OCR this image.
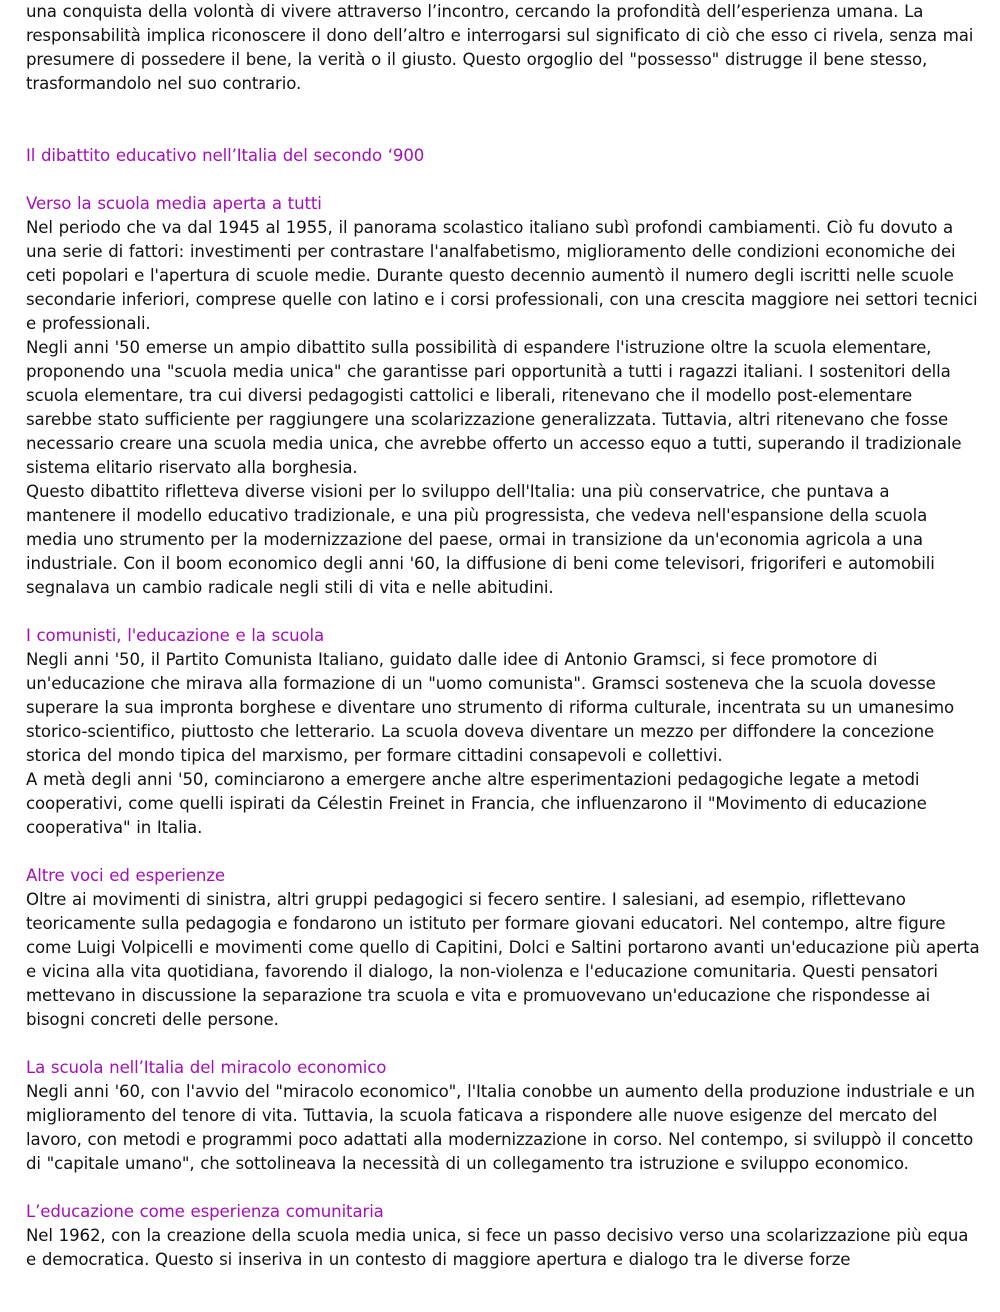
una conquista della volontà di vivere attraverso l’incontro, cercando la profondità dell’esperienza umana. La responsabilità implica riconoscere il dono dell’altro e interrogarsi sul significato di ciò che esso ci rivela, senza mai presumere di possedere il bene, la verità o il giusto. Questo orgoglio del "possesso" distrugge il bene stesso, trasformandolo nel suo contrario.

Il dibattito educativo nell’Italia del secondo ‘900

Verso la scuola media aperta a tutti

Nel periodo che va dal 1945 al 1955, il panorama scolastico italiano subì profondi cambiamenti. Ciò fu dovuto a una serie di fattori: investimenti per contrastare l'analfabetismo, miglioramento delle condizioni economiche dei ceti popolari e l'apertura di scuole medie. Durante questo decennio aumentò il numero degli iscritti nelle scuole secondarie inferiori, comprese quelle con latino e i corsi professionali, con una crescita maggiore nei settori tecnici e professionali.

Negli anni '50 emerse un ampio dibattito sulla possibilità di espandere l'istruzione oltre la scuola elementare, proponendo una "scuola media unica" che garantisse pari opportunità a tutti i ragazzi italiani. I sostenitori della scuola elementare, tra cui diversi pedagogisti cattolici e liberali, ritenevano che il modello post-elementare sarebbe stato sufficiente per raggiungere una scolarizzazione generalizzata. Tuttavia, altri ritenevano che fosse necessario creare una scuola media unica, che avrebbe offerto un accesso equo a tutti, superando il tradizionale sistema elitario riservato alla borghesia.

Questo dibattito rifletteva diverse visioni per lo sviluppo dell'Italia: una più conservatrice, che puntava a mantenere il modello educativo tradizionale, e una più progressista, che vedeva nell'espansione della scuola media uno strumento per la modernizzazione del paese, ormai in transizione da un'economia agricola a una industriale. Con il boom economico degli anni '60, la diffusione di beni come televisori, frigoriferi e automobili segnalava un cambio radicale negli stili di vita e nelle abitudini.

I comunisti, l'educazione e la scuola

Negli anni '50, il Partito Comunista Italiano, guidato dalle idee di Antonio Gramsci, si fece promotore di un'educazione che mirava alla formazione di un "uomo comunista". Gramsci sosteneva che la scuola dovesse superare la sua impronta borghese e diventare uno strumento di riforma culturale, incentrata su un umanesimo storico-scientifico, piuttosto che letterario. La scuola doveva diventare un mezzo per diffondere la concezione storica del mondo tipica del marxismo, per formare cittadini consapevoli e collettivi.

A metà degli anni '50, cominciarono a emergere anche altre esperimentazioni pedagogiche legate a metodi cooperativi, come quelli ispirati da Célestin Freinet in Francia, che influenzarono il "Movimento di educazione cooperativa" in Italia.

Altre voci ed esperienze

Oltre ai movimenti di sinistra, altri gruppi pedagogici si fecero sentire. I salesiani, ad esempio, riflettevano teoricamente sulla pedagogia e fondarono un istituto per formare giovani educatori. Nel contempo, altre figure come Luigi Volpicelli e movimenti come quello di Capitini, Dolci e Saltini portarono avanti un'educazione più aperta e vicina alla vita quotidiana, favorendo il dialogo, la non-violenza e l'educazione comunitaria. Questi pensatori mettevano in discussione la separazione tra scuola e vita e promuovevano un'educazione che rispondesse ai bisogni concreti delle persone.

La scuola nell’Italia del miracolo economico

Negli anni '60, con l'avvio del "miracolo economico", l'Italia conobbe un aumento della produzione industriale e un miglioramento del tenore di vita. Tuttavia, la scuola faticava a rispondere alle nuove esigenze del mercato del lavoro, con metodi e programmi poco adattati alla modernizzazione in corso. Nel contempo, si sviluppò il concetto di "capitale umano", che sottolineava la necessità di un collegamento tra istruzione e sviluppo economico.

L’educazione come esperienza comunitaria

Nel 1962, con la creazione della scuola media unica, si fece un passo decisivo verso una scolarizzazione più equa e democratica. Questo si inseriva in un contesto di maggiore apertura e dialogo tra le diverse forze
